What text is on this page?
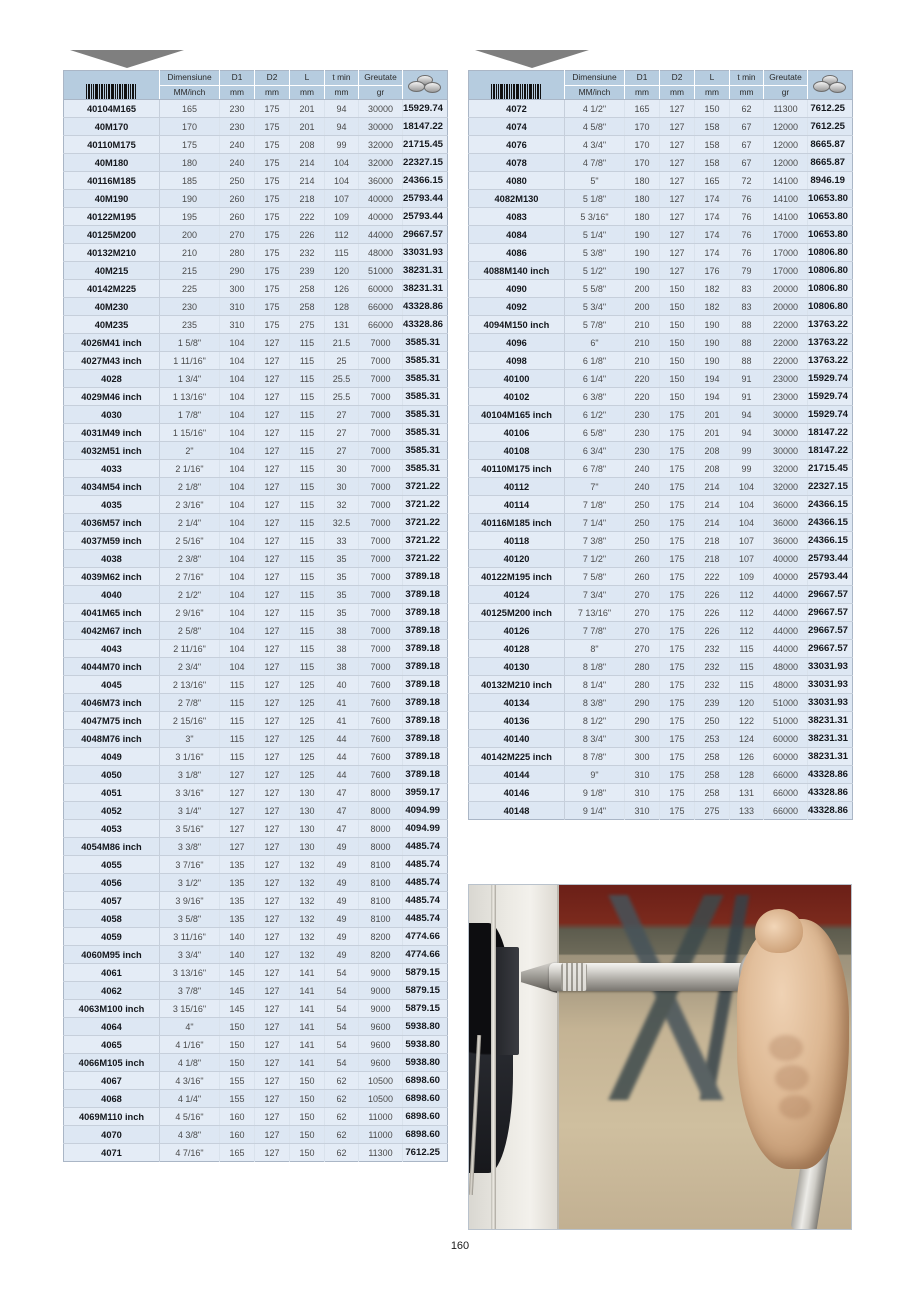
	Dimensiune	D1	D2	L	t min	Greutate	

	MM/inch	mm	mm	mm	mm	gr	
40104M165	165	230	175	201	94	30000	15929.74
40M170	170	230	175	201	94	30000	18147.22
40110M175	175	240	175	208	99	32000	21715.45
40M180	180	240	175	214	104	32000	22327.15
40116M185	185	250	175	214	104	36000	24366.15
40M190	190	260	175	218	107	40000	25793.44
40122M195	195	260	175	222	109	40000	25793.44
40125M200	200	270	175	226	112	44000	29667.57
40132M210	210	280	175	232	115	48000	33031.93
40M215	215	290	175	239	120	51000	38231.31
40142M225	225	300	175	258	126	60000	38231.31
40M230	230	310	175	258	128	66000	43328.86
40M235	235	310	175	275	131	66000	43328.86
4026M41 inch	1 5/8"	104	127	115	21.5	7000	3585.31
4027M43 inch	1 11/16"	104	127	115	25	7000	3585.31
4028	1 3/4"	104	127	115	25.5	7000	3585.31
4029M46 inch	1 13/16"	104	127	115	25.5	7000	3585.31
4030	1 7/8"	104	127	115	27	7000	3585.31
4031M49 inch	1 15/16"	104	127	115	27	7000	3585.31
4032M51 inch	2"	104	127	115	27	7000	3585.31
4033	2 1/16"	104	127	115	30	7000	3585.31
4034M54 inch	2 1/8"	104	127	115	30	7000	3721.22
4035	2 3/16"	104	127	115	32	7000	3721.22
4036M57 inch	2 1/4"	104	127	115	32.5	7000	3721.22
4037M59 inch	2 5/16"	104	127	115	33	7000	3721.22
4038	2 3/8"	104	127	115	35	7000	3721.22
4039M62 inch	2 7/16"	104	127	115	35	7000	3789.18
4040	2 1/2"	104	127	115	35	7000	3789.18
4041M65 inch	2 9/16"	104	127	115	35	7000	3789.18
4042M67 inch	2 5/8"	104	127	115	38	7000	3789.18
4043	2 11/16"	104	127	115	38	7000	3789.18
4044M70 inch	2 3/4"	104	127	115	38	7000	3789.18
4045	2 13/16"	115	127	125	40	7600	3789.18
4046M73 inch	2 7/8"	115	127	125	41	7600	3789.18
4047M75 inch	2 15/16"	115	127	125	41	7600	3789.18
4048M76 inch	3"	115	127	125	44	7600	3789.18
4049	3 1/16"	115	127	125	44	7600	3789.18
4050	3 1/8"	127	127	125	44	7600	3789.18
4051	3 3/16"	127	127	130	47	8000	3959.17
4052	3 1/4"	127	127	130	47	8000	4094.99
4053	3 5/16"	127	127	130	47	8000	4094.99
4054M86 inch	3 3/8"	127	127	130	49	8000	4485.74
4055	3 7/16"	135	127	132	49	8100	4485.74
4056	3 1/2"	135	127	132	49	8100	4485.74
4057	3 9/16"	135	127	132	49	8100	4485.74
4058	3 5/8"	135	127	132	49	8100	4485.74
4059	3 11/16"	140	127	132	49	8200	4774.66
4060M95 inch	3 3/4"	140	127	132	49	8200	4774.66
4061	3 13/16"	145	127	141	54	9000	5879.15
4062	3 7/8"	145	127	141	54	9000	5879.15
4063M100 inch	3 15/16"	145	127	141	54	9000	5879.15
4064	4"	150	127	141	54	9600	5938.80
4065	4 1/16"	150	127	141	54	9600	5938.80
4066M105 inch	4 1/8"	150	127	141	54	9600	5938.80
4067	4 3/16"	155	127	150	62	10500	6898.60
4068	4 1/4"	155	127	150	62	10500	6898.60
4069M110 inch	4 5/16"	160	127	150	62	11000	6898.60
4070	4 3/8"	160	127	150	62	11000	6898.60
4071	4 7/16"	165	127	150	62	11300	7612.25
	Dimensiune	D1	D2	L	t min	Greutate	

	MM/inch	mm	mm	mm	mm	gr	
4072	4 1/2"	165	127	150	62	11300	7612.25
4074	4 5/8"	170	127	158	67	12000	7612.25
4076	4 3/4"	170	127	158	67	12000	8665.87
4078	4 7/8"	170	127	158	67	12000	8665.87
4080	5"	180	127	165	72	14100	8946.19
4082M130	5 1/8"	180	127	174	76	14100	10653.80
4083	5 3/16"	180	127	174	76	14100	10653.80
4084	5 1/4"	190	127	174	76	17000	10653.80
4086	5 3/8"	190	127	174	76	17000	10806.80
4088M140 inch	5 1/2"	190	127	176	79	17000	10806.80
4090	5 5/8"	200	150	182	83	20000	10806.80
4092	5 3/4"	200	150	182	83	20000	10806.80
4094M150 inch	5 7/8"	210	150	190	88	22000	13763.22
4096	6"	210	150	190	88	22000	13763.22
4098	6 1/8"	210	150	190	88	22000	13763.22
40100	6 1/4"	220	150	194	91	23000	15929.74
40102	6 3/8"	220	150	194	91	23000	15929.74
40104M165 inch	6 1/2"	230	175	201	94	30000	15929.74
40106	6 5/8"	230	175	201	94	30000	18147.22
40108	6 3/4"	230	175	208	99	30000	18147.22
40110M175 inch	6 7/8"	240	175	208	99	32000	21715.45
40112	7"	240	175	214	104	32000	22327.15
40114	7 1/8"	250	175	214	104	36000	24366.15
40116M185 inch	7 1/4"	250	175	214	104	36000	24366.15
40118	7 3/8"	250	175	218	107	36000	24366.15
40120	7 1/2"	260	175	218	107	40000	25793.44
40122M195 inch	7 5/8"	260	175	222	109	40000	25793.44
40124	7 3/4"	270	175	226	112	44000	29667.57
40125M200 inch	7 13/16"	270	175	226	112	44000	29667.57
40126	7 7/8"	270	175	226	112	44000	29667.57
40128	8"	270	175	232	115	44000	29667.57
40130	8 1/8"	280	175	232	115	48000	33031.93
40132M210 inch	8 1/4"	280	175	232	115	48000	33031.93
40134	8 3/8"	290	175	239	120	51000	33031.93
40136	8 1/2"	290	175	250	122	51000	38231.31
40140	8 3/4"	300	175	253	124	60000	38231.31
40142M225 inch	8 7/8"	300	175	258	126	60000	38231.31
40144	9"	310	175	258	128	66000	43328.86
40146	9 1/8"	310	175	258	131	66000	43328.86
40148	9 1/4"	310	175	275	133	66000	43328.86
160
